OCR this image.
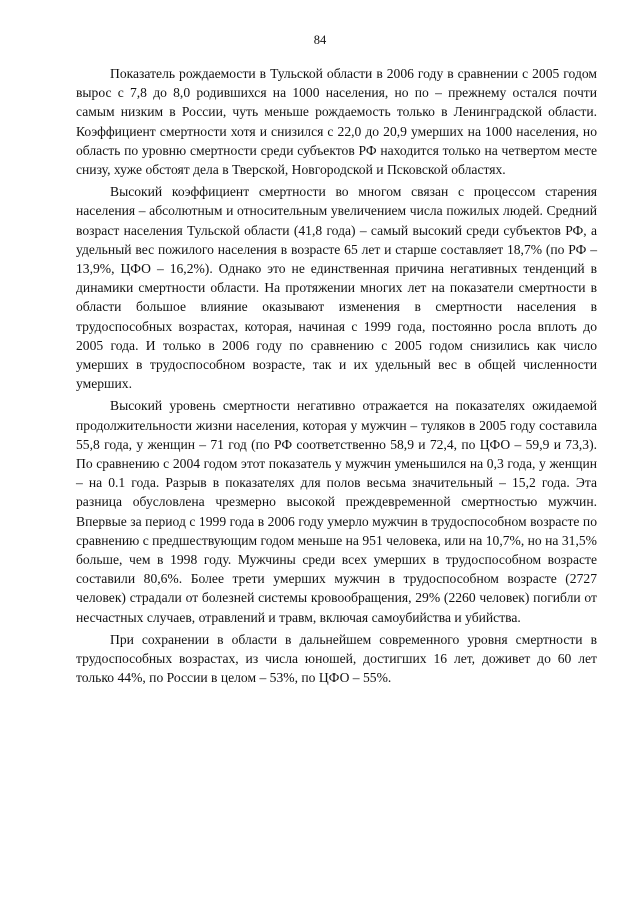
84

Показатель рождаемости в Тульской области в 2006 году в сравнении с 2005 годом вырос с 7,8 до 8,0 родившихся на 1000 населения, но по – прежнему остался почти самым низким в России, чуть меньше рождаемость только в Ленинградской области. Коэффициент смертности хотя и снизился с 22,0 до 20,9 умерших на 1000 населения, но область по уровню смертности среди субъектов РФ находится только на четвертом месте снизу, хуже обстоят дела в Тверской, Новгородской и Псковской областях.

Высокий коэффициент смертности во многом связан с процессом старения населения – абсолютным и относительным увеличением числа пожилых людей. Средний возраст населения Тульской области (41,8 года) – самый высокий среди субъектов РФ, а удельный вес пожилого населения в возрасте 65 лет и старше составляет 18,7% (по РФ – 13,9%, ЦФО – 16,2%). Однако это не единственная причина негативных тенденций в динамики смертности области. На протяжении многих лет на показатели смертности в области большое влияние оказывают изменения в смертности населения в трудоспособных возрастах, которая, начиная с 1999 года, постоянно росла вплоть до 2005 года. И только в 2006 году по сравнению с 2005 годом снизились как число умерших в трудоспособном возрасте, так и их удельный вес в общей численности умерших.

Высокий уровень смертности негативно отражается на показателях ожидаемой продолжительности жизни населения, которая у мужчин – туляков в 2005 году составила 55,8 года, у женщин – 71 год (по РФ соответственно 58,9 и 72,4, по ЦФО – 59,9 и 73,3). По сравнению с 2004 годом этот показатель у мужчин уменьшился на 0,3 года, у женщин – на 0.1 года. Разрыв в показателях для полов весьма значительный – 15,2 года. Эта разница обусловлена чрезмерно высокой преждевременной смертностью мужчин. Впервые за период с 1999 года в 2006 году умерло мужчин в трудоспособном возрасте по сравнению с предшествующим годом меньше на 951 человека, или на 10,7%, но на 31,5% больше, чем в 1998 году. Мужчины среди всех умерших в трудоспособном возрасте составили 80,6%. Более трети умерших мужчин в трудоспособном возрасте (2727 человек) страдали от болезней системы кровообращения, 29% (2260 человек) погибли от несчастных случаев, отравлений и травм, включая самоубийства и убийства.

При сохранении в области в дальнейшем современного уровня смертности в трудоспособных возрастах, из числа юношей, достигших 16 лет, доживет до 60 лет только 44%, по России в целом – 53%, по ЦФО – 55%.
